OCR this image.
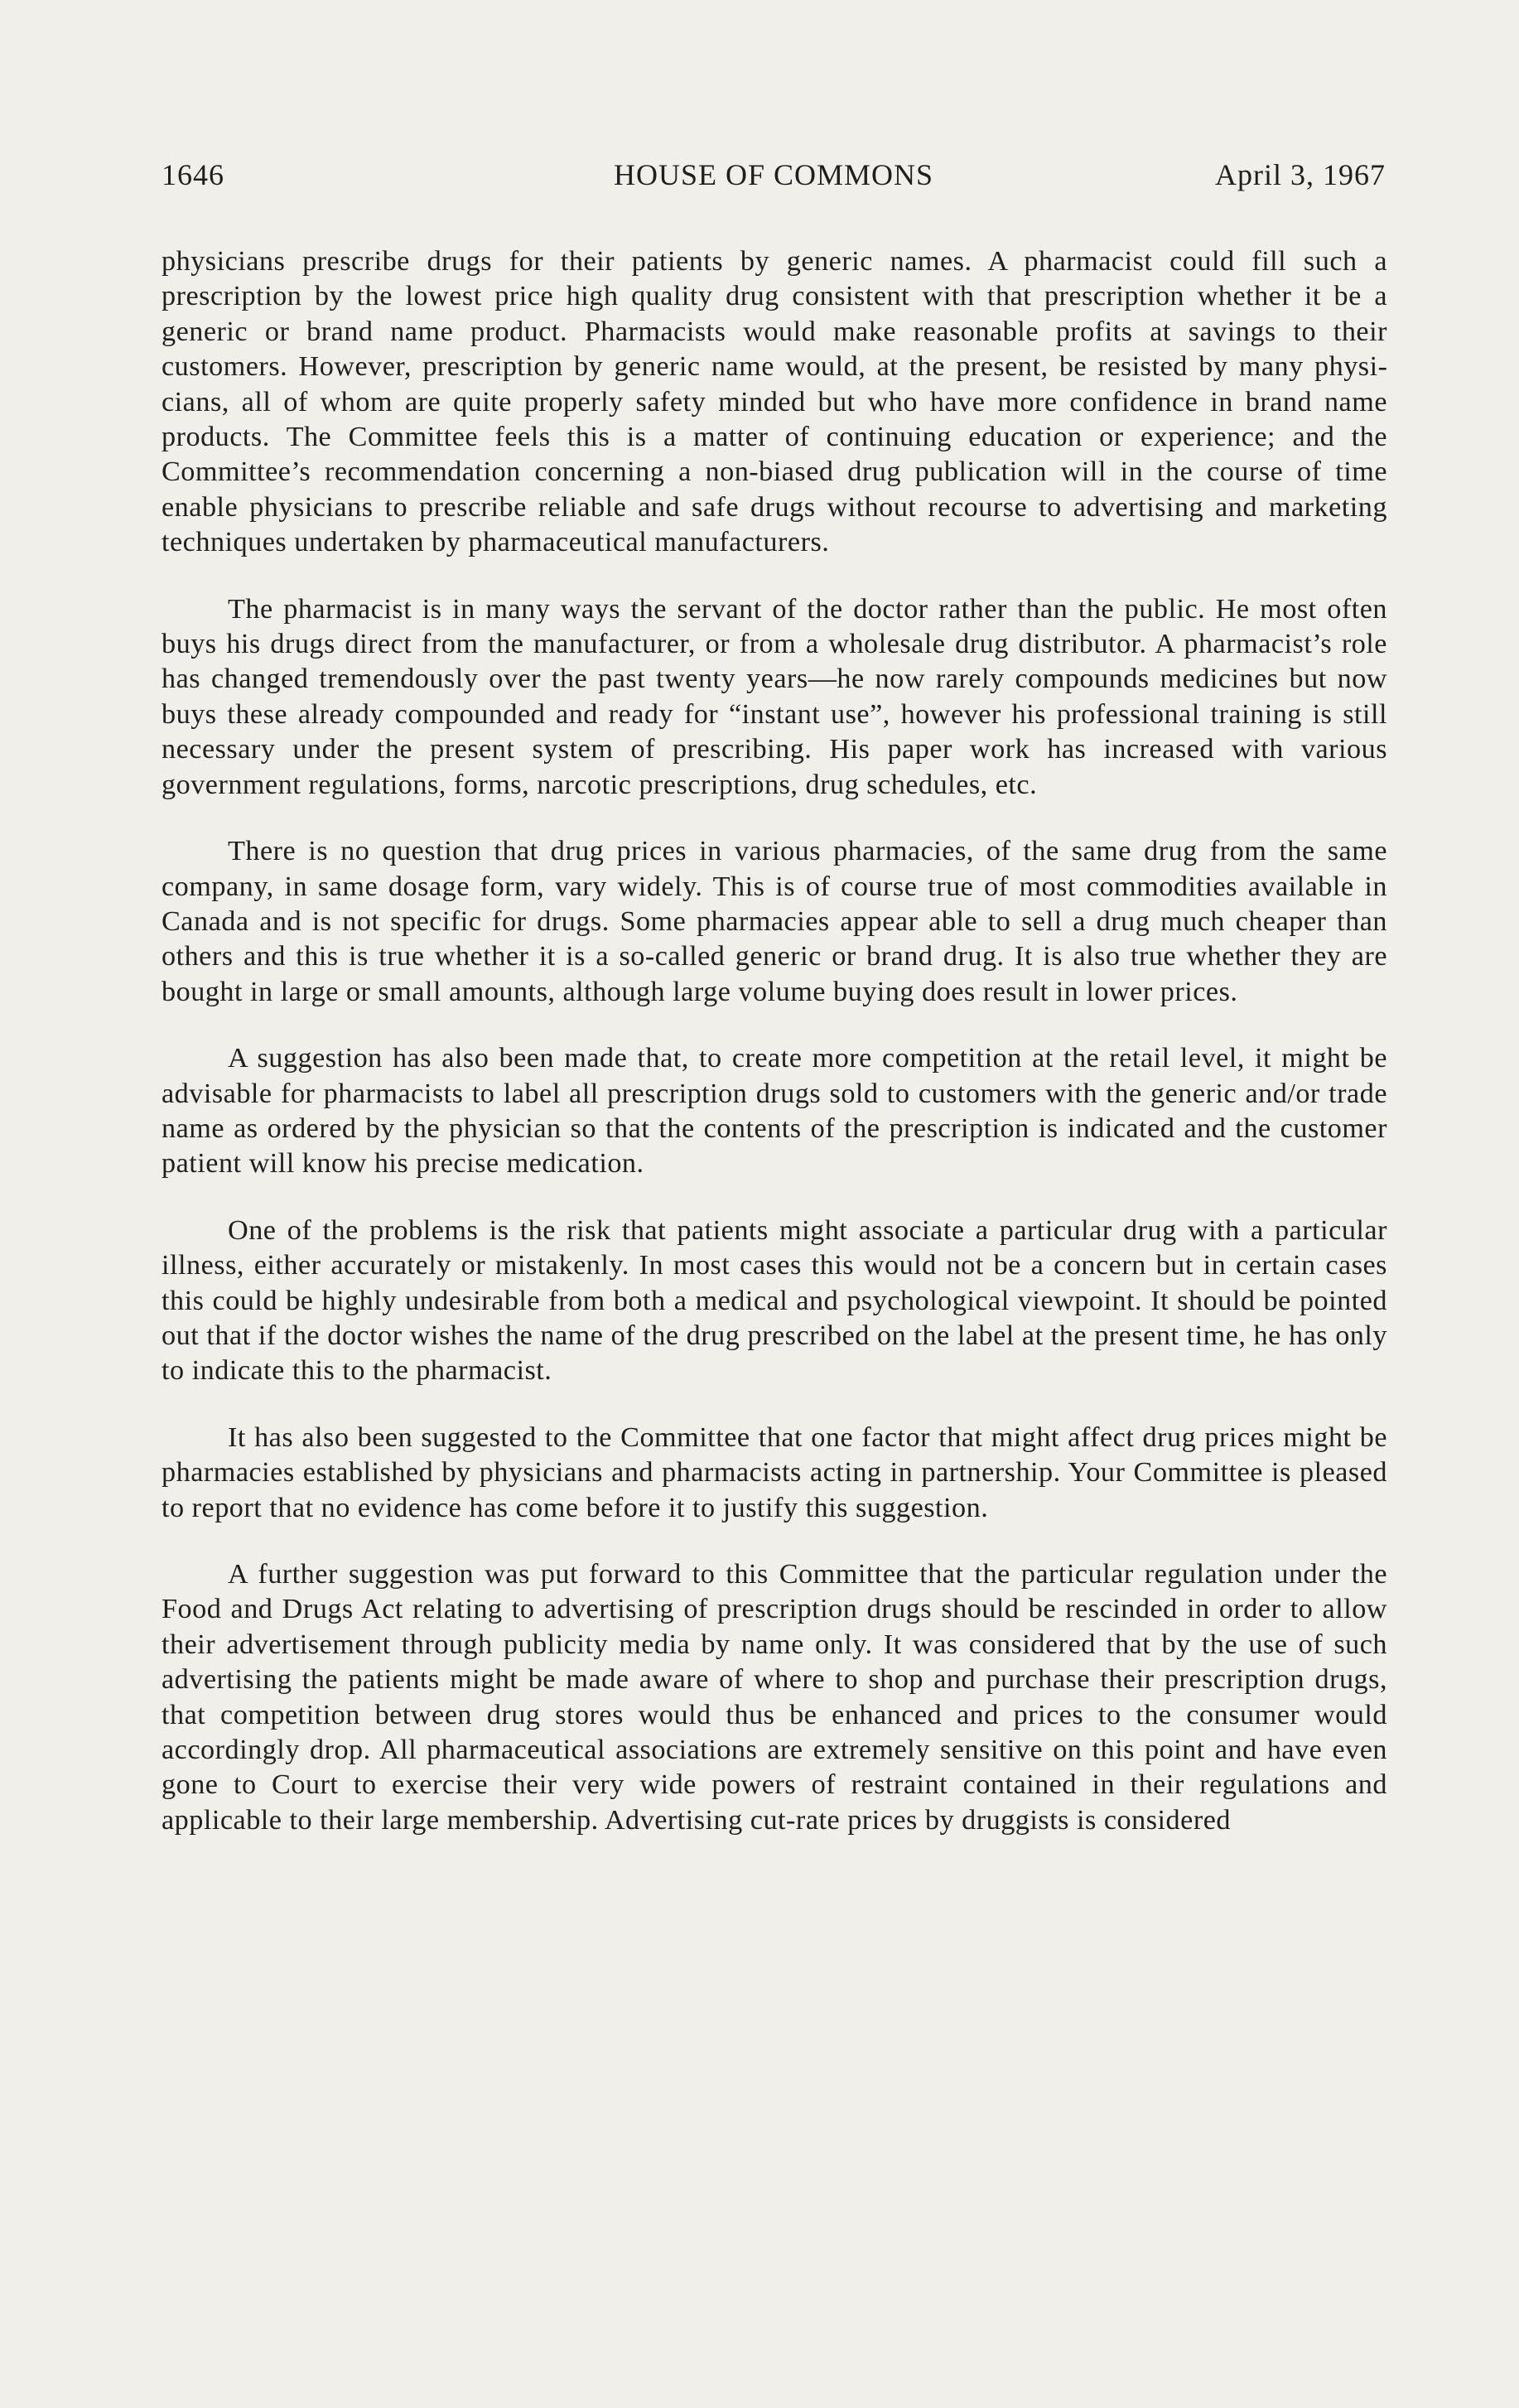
1646	HOUSE OF COMMONS	April 3, 1967

physicians prescribe drugs for their patients by generic names. A pharmacist could fill such a prescription by the lowest price high quality drug consistent with that prescription whether it be a generic or brand name product. Pharmacists would make reasonable profits at savings to their customers. However, prescription by generic name would, at the present, be resisted by many physicians, all of whom are quite properly safety minded but who have more confidence in brand name products. The Committee feels this is a matter of continuing education or experience; and the Committee’s recommendation concerning a non-biased drug publication will in the course of time enable physicians to prescribe reliable and safe drugs without recourse to advertising and marketing techniques undertaken by pharmaceutical manufacturers.

The pharmacist is in many ways the servant of the doctor rather than the public. He most often buys his drugs direct from the manufacturer, or from a wholesale drug distributor. A pharmacist’s role has changed tremendously over the past twenty years—he now rarely compounds medicines but now buys these already compounded and ready for “instant use”, however his professional training is still necessary under the present system of prescribing. His paper work has increased with various government regulations, forms, narcotic prescriptions, drug schedules, etc.

There is no question that drug prices in various pharmacies, of the same drug from the same company, in same dosage form, vary widely. This is of course true of most commodities available in Canada and is not specific for drugs. Some pharmacies appear able to sell a drug much cheaper than others and this is true whether it is a so-called generic or brand drug. It is also true whether they are bought in large or small amounts, although large volume buying does result in lower prices.

A suggestion has also been made that, to create more competition at the retail level, it might be advisable for pharmacists to label all prescription drugs sold to customers with the generic and/or trade name as ordered by the physician so that the contents of the prescription is indicated and the customer patient will know his precise medication.

One of the problems is the risk that patients might associate a particular drug with a particular illness, either accurately or mistakenly. In most cases this would not be a concern but in certain cases this could be highly undesirable from both a medical and psychological viewpoint. It should be pointed out that if the doctor wishes the name of the drug prescribed on the label at the present time, he has only to indicate this to the pharmacist.

It has also been suggested to the Committee that one factor that might affect drug prices might be pharmacies established by physicians and pharmacists acting in partnership. Your Committee is pleased to report that no evidence has come before it to justify this suggestion.

A further suggestion was put forward to this Committee that the particular regulation under the Food and Drugs Act relating to advertising of prescription drugs should be rescinded in order to allow their advertisement through publicity media by name only. It was considered that by the use of such advertising the patients might be made aware of where to shop and purchase their prescription drugs, that competition between drug stores would thus be enhanced and prices to the consumer would accordingly drop. All pharmaceutical associations are extremely sensitive on this point and have even gone to Court to exercise their very wide powers of restraint contained in their regulations and applicable to their large membership. Advertising cut-rate prices by druggists is considered
